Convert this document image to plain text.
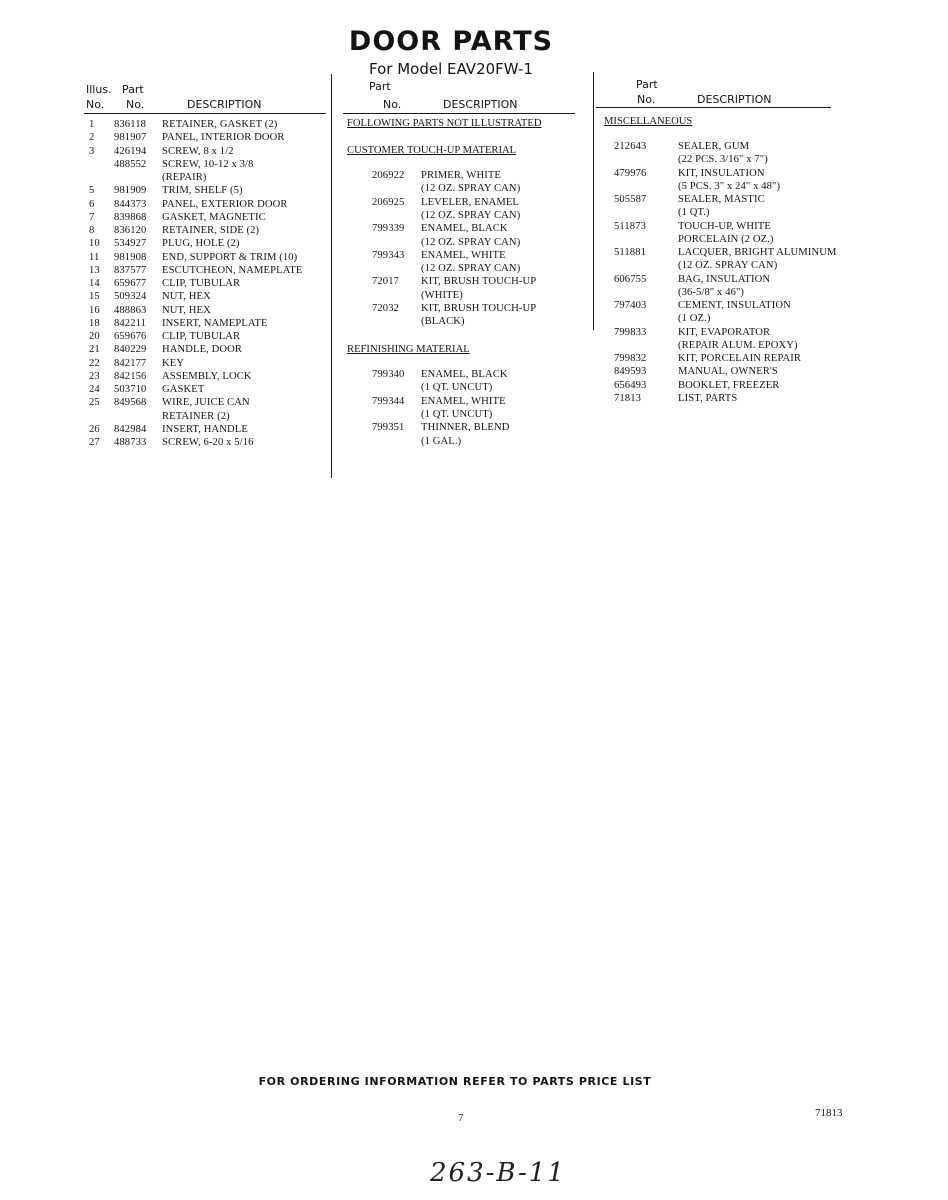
DOOR PARTS
For Model EAV20FW-1
Illus. Part
No. No.	DESCRIPTION
1 836118 RETAINER, GASKET (2)
2 981907 PANEL, INTERIOR DOOR
3 426194 SCREW, 8 x 1/2
488552 SCREW, 10-12 x 3/8
(REPAIR)
5 981909 TRIM, SHELF (5)
6 844373 PANEL, EXTERIOR DOOR
7 839868 GASKET, MAGNETIC
8 836120 RETAINER, SIDE (2)
10 534927 PLUG, HOLE (2)
11 981908 END, SUPPORT & TRIM (10)
13 837577 ESCUTCHEON, NAMEPLATE
14 659677 CLIP, TUBULAR
15 509324 NUT, HEX
16 488863 NUT, HEX
18 842211 INSERT, NAMEPLATE
20 659676 CLIP, TUBULAR
21 840229 HANDLE, DOOR
22 842177 KEY
23 842156 ASSEMBLY, LOCK
24 503710 GASKET
25 849568 WIRE, JUICE CAN
RETAINER (2)
26 842984 INSERT, HANDLE
27 488733 SCREW, 6-20 x 5/16
Part
No.	DESCRIPTION
FOLLOWING PARTS NOT ILLUSTRATED
CUSTOMER TOUCH-UP MATERIAL
206922 PRIMER, WHITE
(12 OZ. SPRAY CAN)
206925 LEVELER, ENAMEL
(12 OZ. SPRAY CAN)
799339 ENAMEL, BLACK
(12 OZ. SPRAY CAN)
799343 ENAMEL, WHITE
(12 OZ. SPRAY CAN)
72017 KIT, BRUSH TOUCH-UP
(WHITE)
72032 KIT, BRUSH TOUCH-UP
(BLACK)
REFINISHING MATERIAL
799340 ENAMEL, BLACK
(1 QT. UNCUT)
799344 ENAMEL, WHITE
(1 QT. UNCUT)
799351 THINNER, BLEND
(1 GAL.)
Part
No.	DESCRIPTION
MISCELLANEOUS
212643	SEALER, GUM
(22 PCS. 3/16" x 7")
479976	KIT, INSULATION
(5 PCS. 3" x 24" x 48")
505587	SEALER, MASTIC
(1 QT.)
511873	TOUCH-UP, WHITE
PORCELAIN (2 OZ.)
511881	LACQUER, BRIGHT ALUMINUM
(12 OZ. SPRAY CAN)
606755	BAG, INSULATION
(36-5/8" x 46")
797403	CEMENT, INSULATION
(1 OZ.)
799833	KIT, EVAPORATOR
(REPAIR ALUM. EPOXY)
799832	KIT, PORCELAIN REPAIR
849593	MANUAL, OWNER'S
656493	BOOKLET, FREEZER
71813	LIST, PARTS
FOR ORDERING INFORMATION REFER TO PARTS PRICE LIST
7	71813
263-B-11
